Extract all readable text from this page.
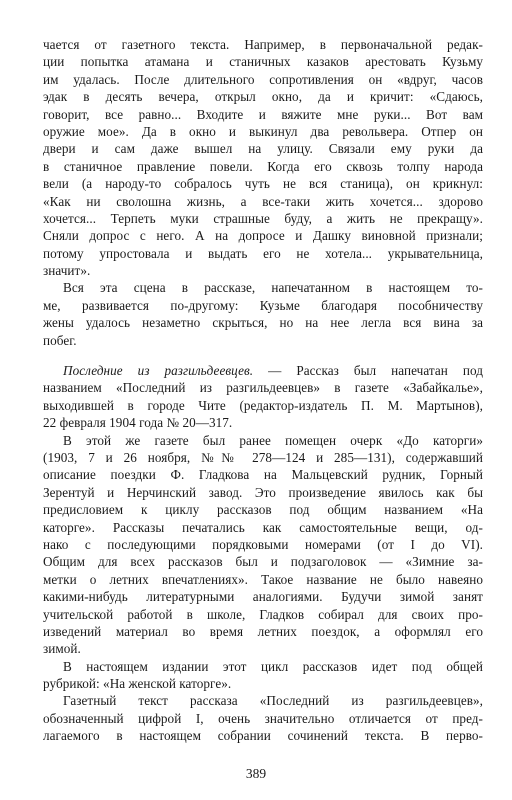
чается от газетного текста. Например, в первоначальной редак-
ции попытка атамана и станичных казаков арестовать Кузьму
им удалась. После длительного сопротивления он «вдруг, часов
эдак в десять вечера, открыл окно, да и кричит: «Сдаюсь,
говорит, все равно... Входите и вяжите мне руки... Вот вам
оружие мое». Да в окно и выкинул два револьвера. Отпер он
двери и сам даже вышел на улицу. Связали ему руки да
в станичное правление повели. Когда его сквозь толпу народа
вели (а народу-то собралось чуть не вся станица), он крикнул:
«Как ни сволошна жизнь, а все-таки жить хочется... здорово
хочется... Терпеть муки страшные буду, а жить не прекращу».
Сняли допрос с него. А на допросе и Дашку виновной признали;
потому упростовала и выдать его не хотела... укрывательница,
значит».
Вся эта сцена в рассказе, напечатанном в настоящем то-
ме, развивается по-другому: Кузьме благодаря пособничеству
жены удалось незаметно скрыться, но на нее легла вся вина за
побег.
Последние из разгильдеевцев. — Рассказ был напечатан под
названием «Последний из разгильдеевцев» в газете «Забайкалье»,
выходившей в городе Чите (редактор-издатель П. М. Мартынов),
22 февраля 1904 года № 20—317.
В этой же газете был ранее помещен очерк «До каторги»
(1903, 7 и 26 ноября, №№ 278—124 и 285—131), содержавший
описание поездки Ф. Гладкова на Мальцевский рудник, Горный
Зерентуй и Нерчинский завод. Это произведение явилось как бы
предисловием к циклу рассказов под общим названием «На
каторге». Рассказы печатались как самостоятельные вещи, од-
нако с последующими порядковыми номерами (от I до VI).
Общим для всех рассказов был и подзаголовок — «Зимние за-
метки о летних впечатлениях». Такое название не было навеяно
какими-нибудь литературными аналогиями. Будучи зимой занят
учительской работой в школе, Гладков собирал для своих про-
изведений материал во время летних поездок, а оформлял его
зимой.
В настоящем издании этот цикл рассказов идет под общей
рубрикой: «На женской каторге».
Газетный текст рассказа «Последний из разгильдеевцев»,
обозначенный цифрой I, очень значительно отличается от пред-
лагаемого в настоящем собрании сочинений текста. В перво-
389
